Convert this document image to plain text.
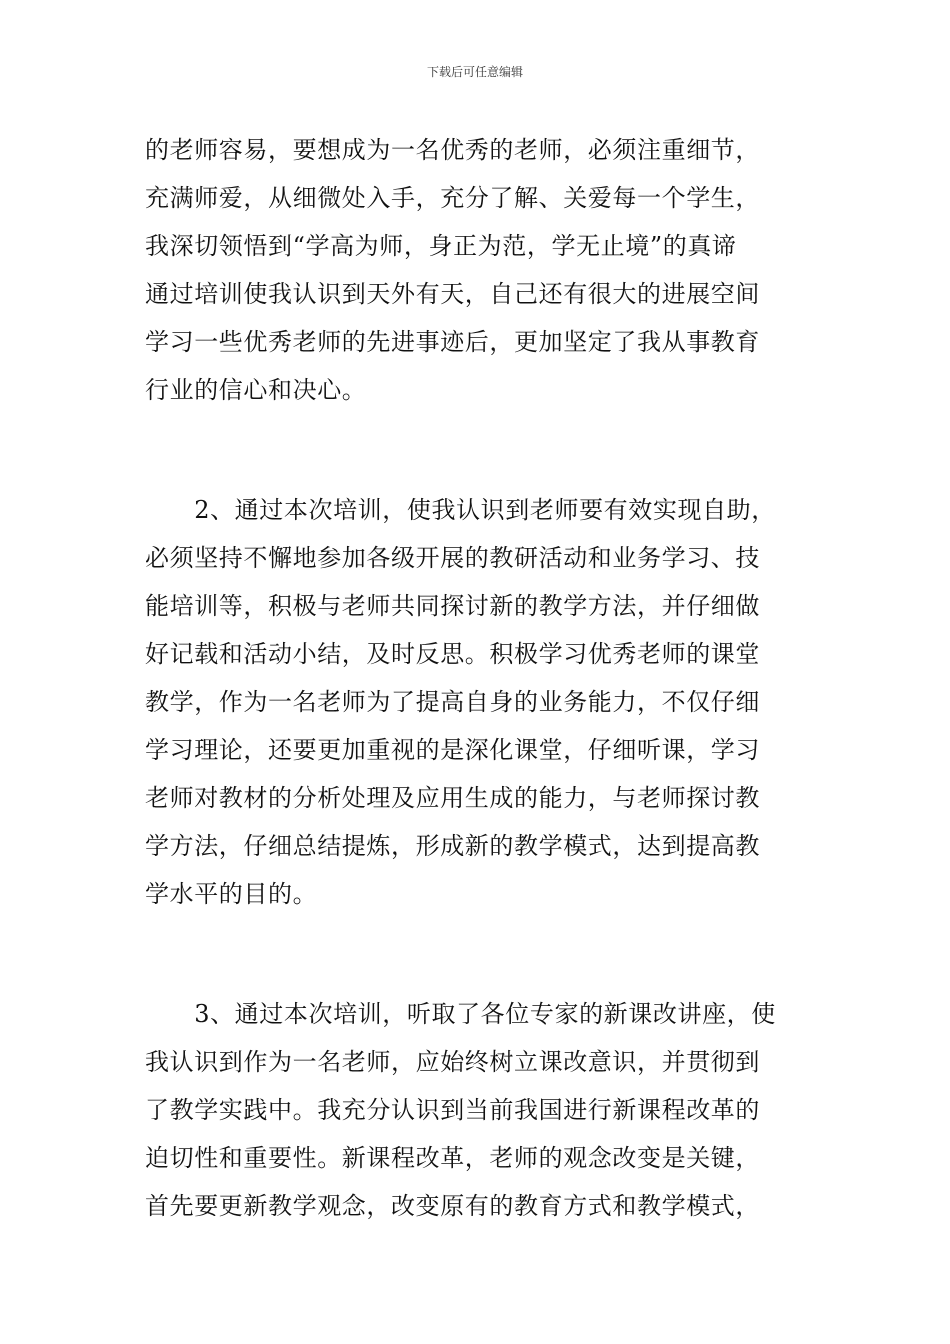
下载后可任意编辑
的老师容易，要想成为一名优秀的老师，必须注重细节，
充满师爱，从细微处入手，充分了解、关爱每一个学生，
我深切领悟到“学高为师，身正为范，学无止境”的真谛
通过培训使我认识到天外有天，自己还有很大的进展空间
学习一些优秀老师的先进事迹后，更加坚定了我从事教育
行业的信心和决心。
　　2、通过本次培训，使我认识到老师要有效实现自助，
必须坚持不懈地参加各级开展的教研活动和业务学习、技
能培训等，积极与老师共同探讨新的教学方法，并仔细做
好记载和活动小结，及时反思。积极学习优秀老师的课堂
教学，作为一名老师为了提高自身的业务能力，不仅仔细
学习理论，还要更加重视的是深化课堂，仔细听课，学习
老师对教材的分析处理及应用生成的能力，与老师探讨教
学方法，仔细总结提炼，形成新的教学模式，达到提高教
学水平的目的。
　　3、通过本次培训，听取了各位专家的新课改讲座，使
我认识到作为一名老师，应始终树立课改意识，并贯彻到
了教学实践中。我充分认识到当前我国进行新课程改革的
迫切性和重要性。新课程改革，老师的观念改变是关键，
首先要更新教学观念，改变原有的教育方式和教学模式，
